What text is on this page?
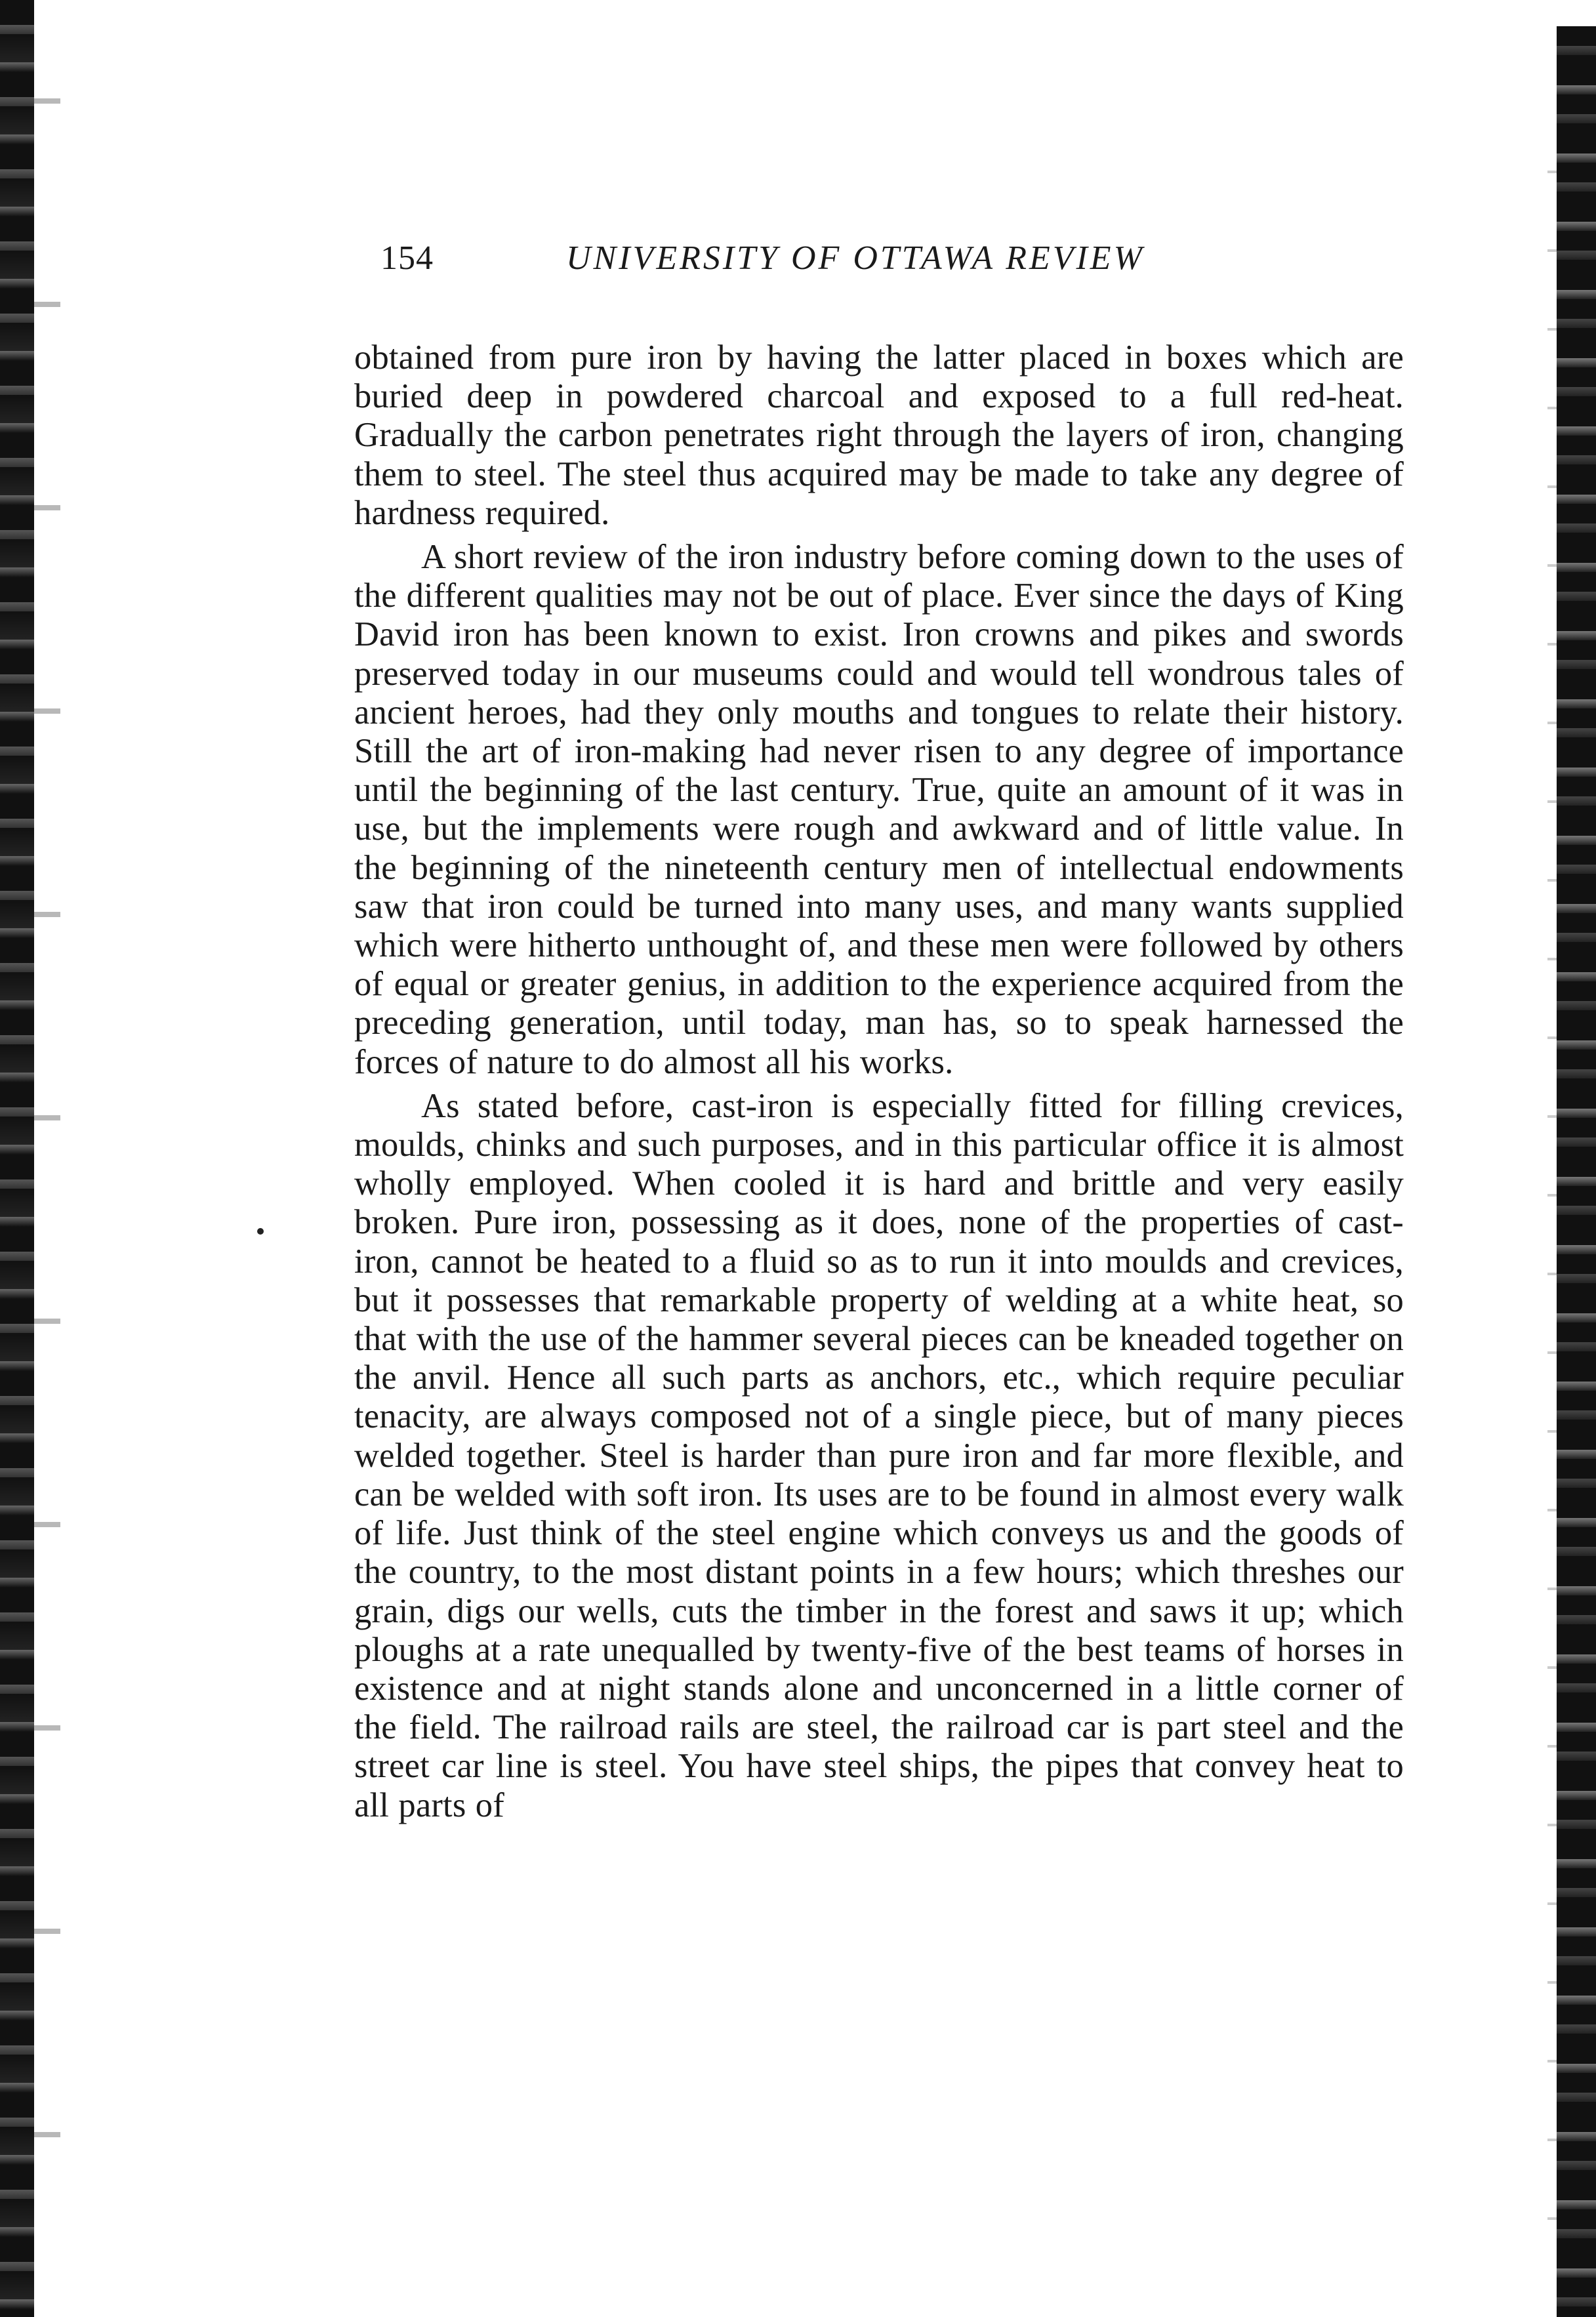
154	UNIVERSITY OF OTTAWA REVIEW

obtained from pure iron by having the latter placed in boxes which are buried deep in powdered charcoal and exposed to a full red-heat. Gradually the carbon penetrates right through the layers of iron, changing them to steel. The steel thus acquired may be made to take any degree of hardness required.

A short review of the iron industry before coming down to the uses of the different qualities may not be out of place. Ever since the days of King David iron has been known to exist. Iron crowns and pikes and swords preserved today in our museums could and would tell wondrous tales of ancient heroes, had they only mouths and tongues to relate their history. Still the art of iron-making had never risen to any degree of importance until the beginning of the last century. True, quite an amount of it was in use, but the implements were rough and awkward and of little value. In the beginning of the nineteenth century men of intellectual endowments saw that iron could be turned into many uses, and many wants supplied which were hitherto unthought of, and these men were followed by others of equal or greater genius, in addition to the experience acquired from the preceding generation, until today, man has, so to speak harnessed the forces of nature to do almost all his works.

As stated before, cast-iron is especially fitted for filling crevices, moulds, chinks and such purposes, and in this particular office it is almost wholly employed. When cooled it is hard and brittle and very easily broken. Pure iron, possessing as it does, none of the properties of cast-iron, cannot be heated to a fluid so as to run it into moulds and crevices, but it possesses that remarkable property of welding at a white heat, so that with the use of the hammer several pieces can be kneaded together on the anvil. Hence all such parts as anchors, etc., which require peculiar tenacity, are always composed not of a single piece, but of many pieces welded together. Steel is harder than pure iron and far more flexible, and can be welded with soft iron. Its uses are to be found in almost every walk of life. Just think of the steel engine which conveys us and the goods of the country, to the most distant points in a few hours; which threshes our grain, digs our wells, cuts the timber in the forest and saws it up; which ploughs at a rate unequalled by twenty-five of the best teams of horses in existence and at night stands alone and unconcerned in a little corner of the field. The railroad rails are steel, the railroad car is part steel and the street car line is steel. You have steel ships, the pipes that convey heat to all parts of
